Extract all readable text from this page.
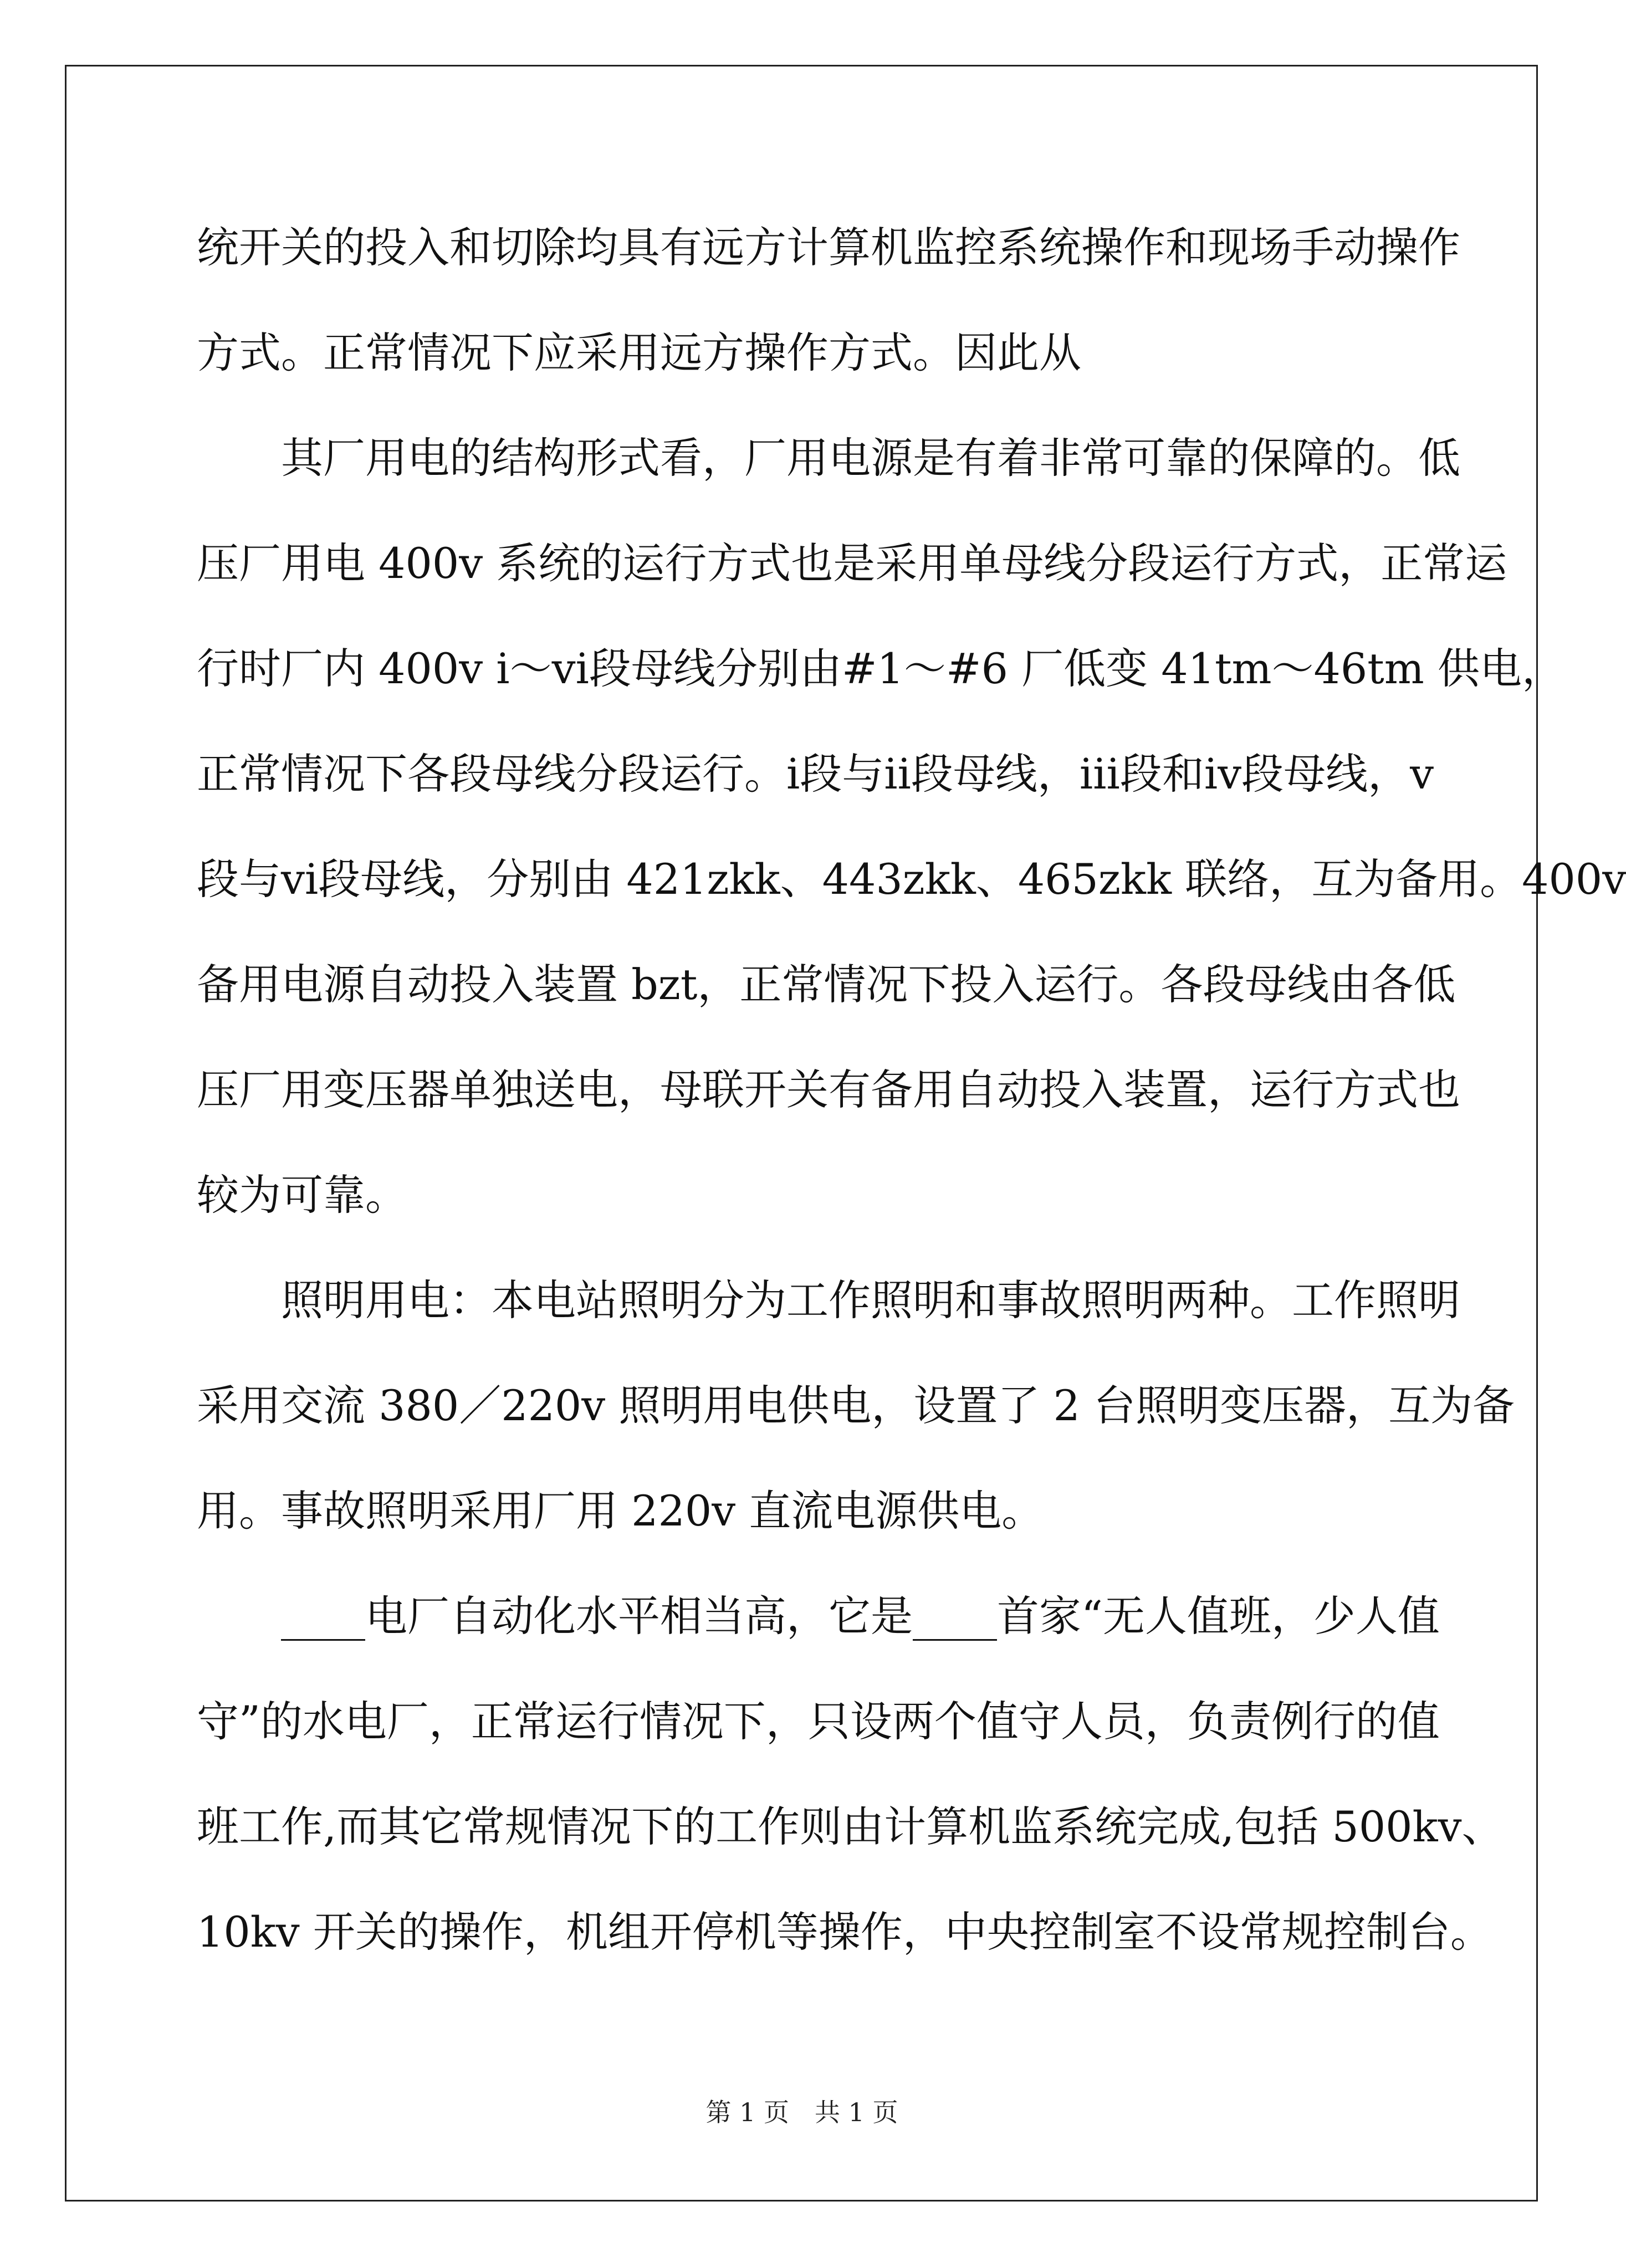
统开关的投入和切除均具有远方计算机监控系统操作和现场手动操作
方式。正常情况下应采用远方操作方式。因此从
　　其厂用电的结构形式看，厂用电源是有着非常可靠的保障的。低
压厂用电 400v 系统的运行方式也是采用单母线分段运行方式，正常运
行时厂内 400v ⅰ～ⅵ段母线分别由#1～#6 厂低变 41tm～46tm 供电，
正常情况下各段母线分段运行。ⅰ段与ⅱ段母线，ⅲ段和ⅳ段母线，ⅴ
段与ⅵ段母线，分别由 421zkk、443zkk、465zkk 联络，互为备用。400v
备用电源自动投入装置 bzt，正常情况下投入运行。各段母线由各低
压厂用变压器单独送电，母联开关有备用自动投入装置，运行方式也
较为可靠。
　　照明用电：本电站照明分为工作照明和事故照明两种。工作照明
采用交流 380／220v 照明用电供电，设置了 2 台照明变压器，互为备
用。事故照明采用厂用 220v 直流电源供电。
　　____电厂自动化水平相当高，它是____首家“无人值班，少人值
守”的水电厂，正常运行情况下，只设两个值守人员，负责例行的值
班工作,而其它常规情况下的工作则由计算机监系统完成,包括 500kv、
10kv 开关的操作，机组开停机等操作，中央控制室不设常规控制台。
第 1 页　共 1 页
